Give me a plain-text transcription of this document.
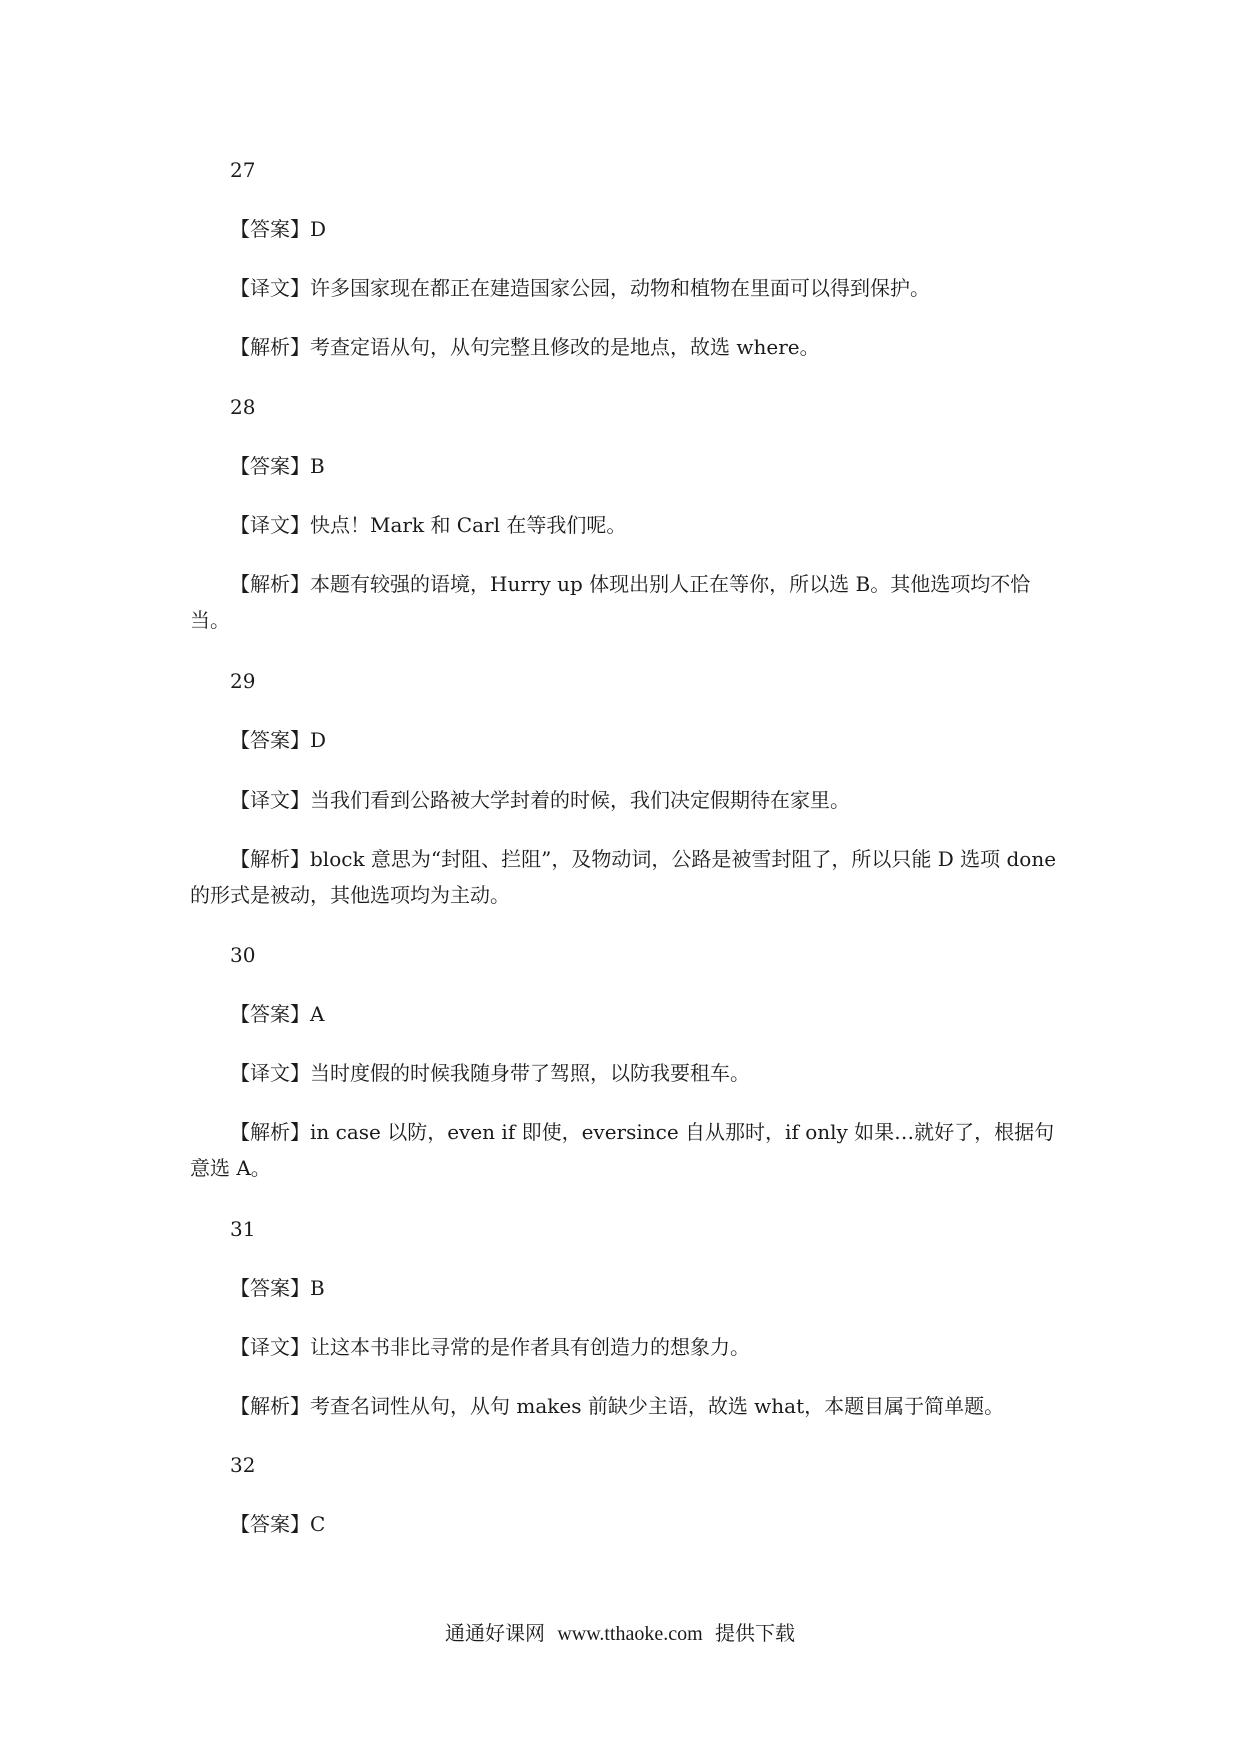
27
【答案】D
【译文】许多国家现在都正在建造国家公园，动物和植物在里面可以得到保护。
【解析】考查定语从句，从句完整且修改的是地点，故选 where。
28
【答案】B
【译文】快点！Mark 和 Carl 在等我们呢。
【解析】本题有较强的语境，Hurry up 体现出别人正在等你，所以选 B。其他选项均不恰当。
29
【答案】D
【译文】当我们看到公路被大学封着的时候，我们决定假期待在家里。
【解析】block 意思为“封阻、拦阻”，及物动词，公路是被雪封阻了，所以只能 D 选项 done 的形式是被动，其他选项均为主动。
30
【答案】A
【译文】当时度假的时候我随身带了驾照，以防我要租车。
【解析】in case 以防，even if 即使，eversince 自从那时，if only 如果…就好了，根据句意选 A。
31
【答案】B
【译文】让这本书非比寻常的是作者具有创造力的想象力。
【解析】考查名词性从句，从句 makes 前缺少主语，故选 what，本题目属于简单题。
32
【答案】C
通通好课网 www.tthaoke.com 提供下载
